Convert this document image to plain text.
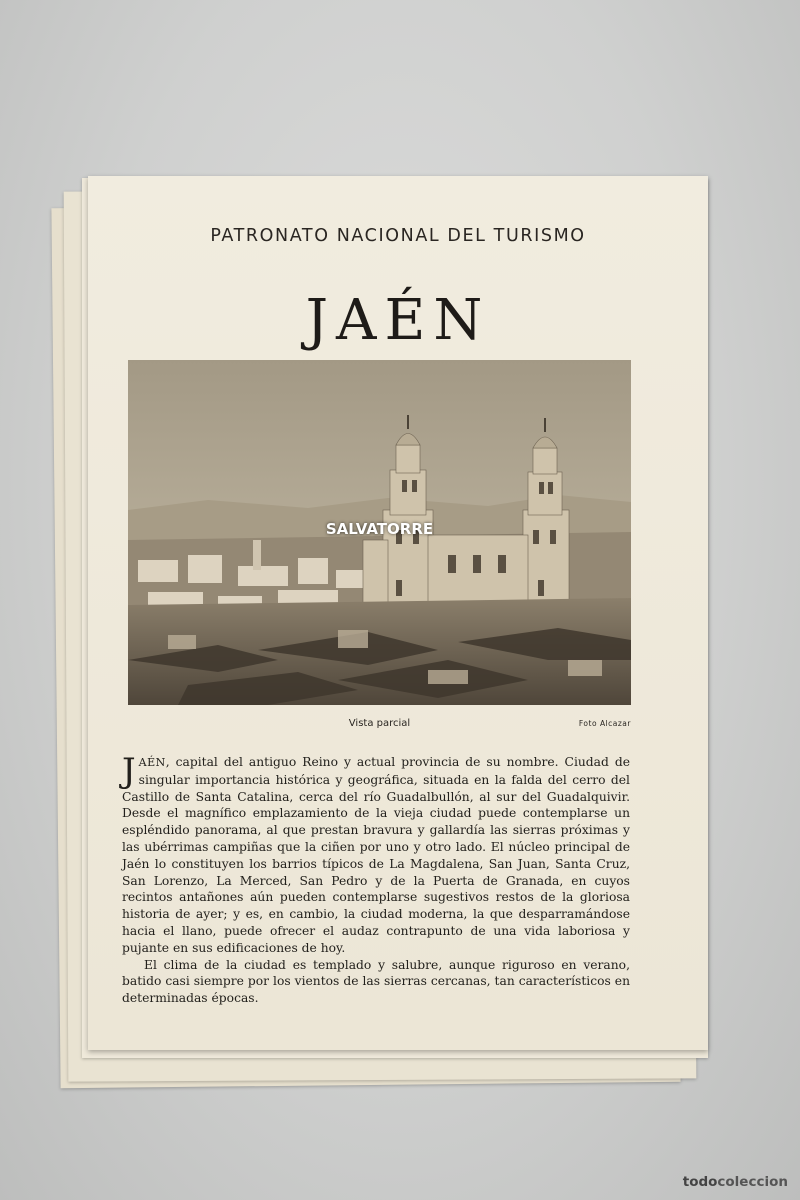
PATRONATO NACIONAL DEL TURISMO
JAÉN
SALVATORRE
Vista parcial	Foto Alcazar

JAÉN, capital del antiguo Reino y actual provincia de su nombre. Ciudad de singular importancia histórica y geográfica, situada en la falda del cerro del Castillo de Santa Catalina, cerca del río Guadalbullón, al sur del Guadalquivir. Desde el magnífico emplazamiento de la vieja ciudad puede contemplarse un espléndido panorama, al que prestan bravura y gallardía las sierras próximas y las ubérrimas campiñas que la ciñen por uno y otro lado. El núcleo principal de Jaén lo constituyen los barrios típicos de La Magdalena, San Juan, Santa Cruz, San Lorenzo, La Merced, San Pedro y de la Puerta de Granada, en cuyos recintos antañones aún pueden contemplarse sugestivos restos de la gloriosa historia de ayer; y es, en cambio, la ciudad moderna, la que desparramándose hacia el llano, puede ofrecer el audaz contrapunto de una vida laboriosa y pujante en sus edificaciones de hoy.

El clima de la ciudad es templado y salubre, aunque riguroso en verano, batido casi siempre por los vientos de las sierras cercanas, tan característicos en determinadas épocas.

todocoleccion
